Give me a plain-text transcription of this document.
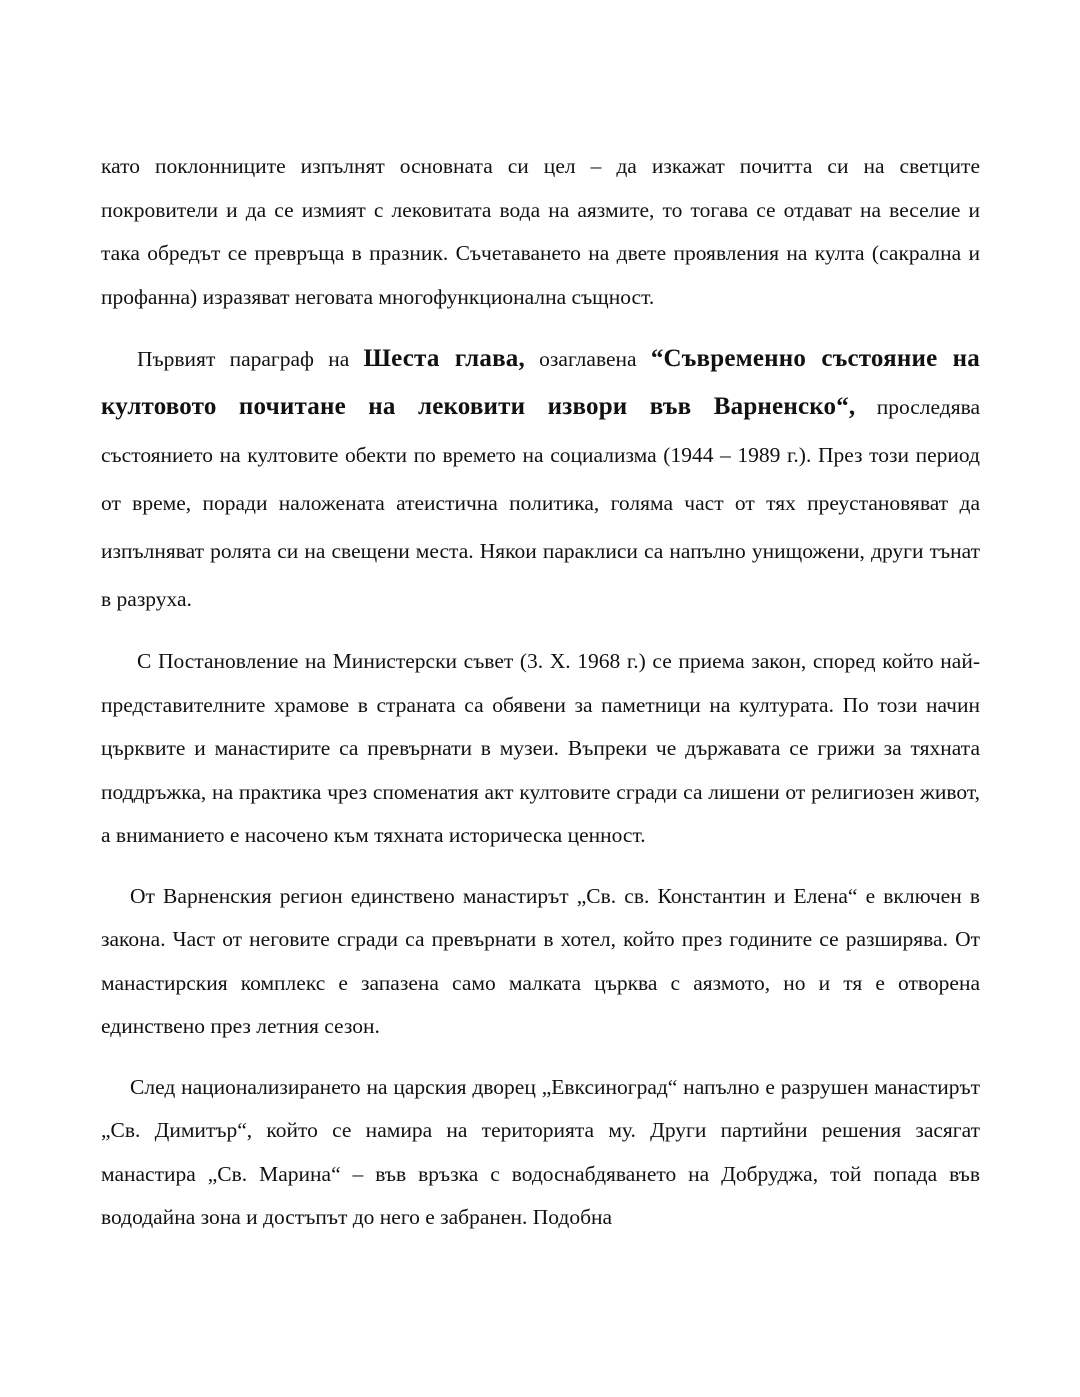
като поклонниците изпълнят основната си цел – да изкажат почитта си на светците покровители и да се измият с лековитата вода на аязмите, то тогава се отдават на веселие и така обредът се превръща в празник. Съчетаването на двете проявления на култа (сакрална и профанна) изразяват неговата многофункционална същност.

Първият параграф на Шеста глава, озаглавена “Съвременно състояние на култовото почитане на лековити извори във Варненско“, проследява състоянието на култовите обекти по времето на социализма (1944 – 1989 г.). През този период от време, поради наложената атеистична политика, голяма част от тях преустановяват да изпълняват ролята си на свещени места. Някои параклиси са напълно унищожени, други тънат в разруха.

С Постановление на Министерски съвет (3. X. 1968 г.) се приема закон, според който най-представителните храмове в страната са обявени за паметници на културата. По този начин църквите и манастирите са превърнати в музеи. Въпреки че държавата се грижи за тяхната поддръжка, на практика чрез споменатия акт култовите сгради са лишени от религиозен живот, а вниманието е насочено към тяхната историческа ценност.

От Варненския регион единствено манастирът „Св. св. Константин и Елена“ е включен в закона. Част от неговите сгради са превърнати в хотел, който през годините се разширява. От манастирския комплекс е запазена само малката църква с аязмото, но и тя е отворена единствено през летния сезон.

След национализирането на царския дворец „Евксиноград“ напълно е разрушен манастирът „Св. Димитър“, който се намира на територията му. Други партийни решения засягат манастира „Св. Марина“ – във връзка с водоснабдяването на Добруджа, той попада във вододайна зона и достъпът до него е забранен. Подобна
